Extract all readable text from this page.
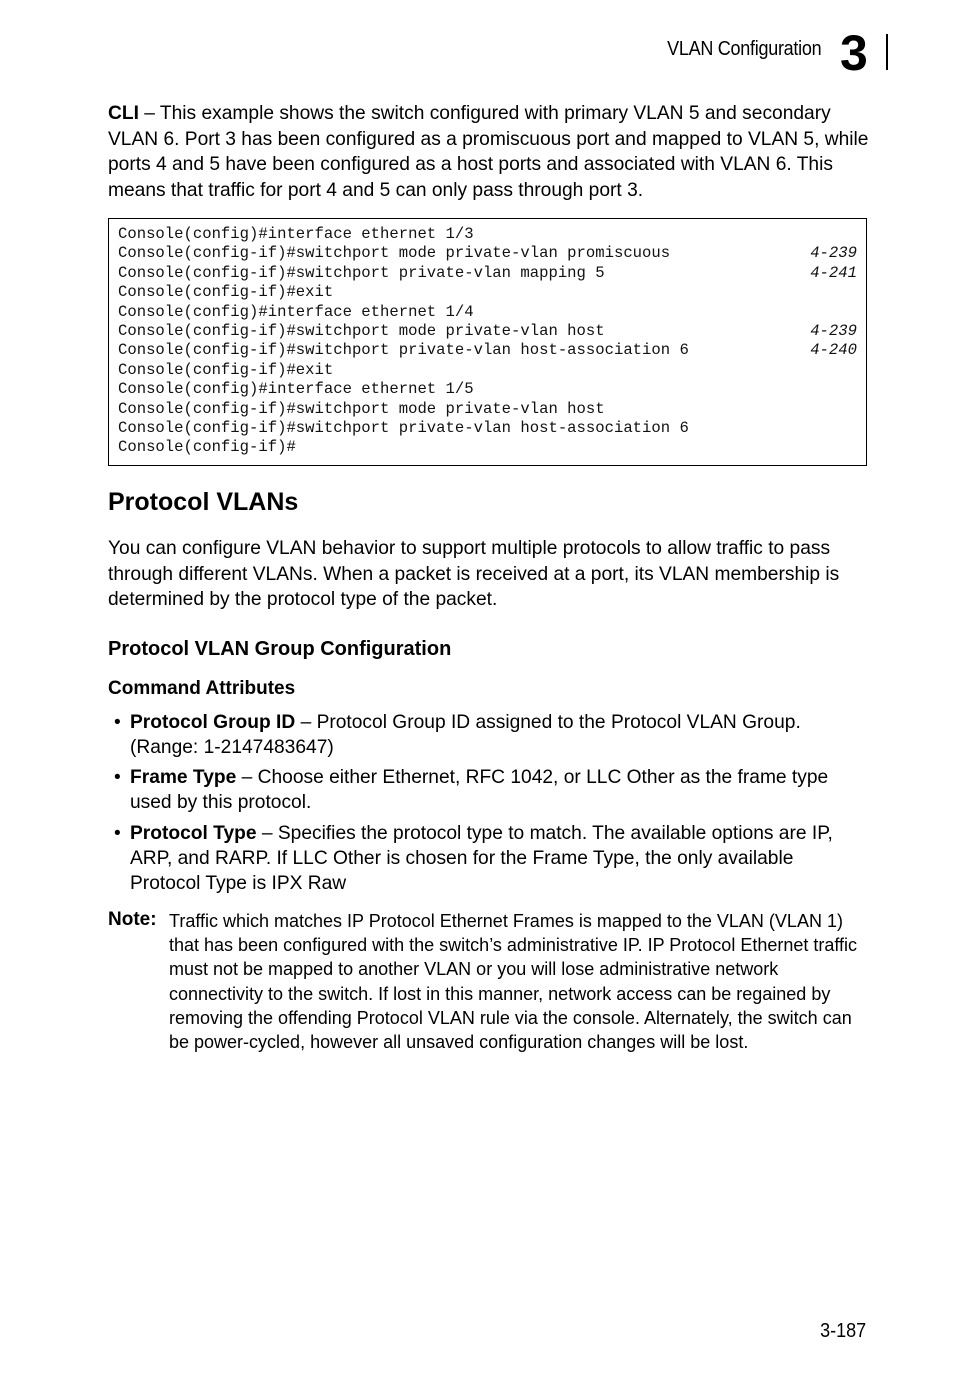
VLAN Configuration 3

CLI – This example shows the switch configured with primary VLAN 5 and secondary VLAN 6. Port 3 has been configured as a promiscuous port and mapped to VLAN 5, while ports 4 and 5 have been configured as a host ports and associated with VLAN 6. This means that traffic for port 4 and 5 can only pass through port 3.

Console(config)#interface ethernet 1/3
Console(config-if)#switchport mode private-vlan promiscuous	4-239
Console(config-if)#switchport private-vlan mapping 5	4-241
Console(config-if)#exit
Console(config)#interface ethernet 1/4
Console(config-if)#switchport mode private-vlan host	4-239
Console(config-if)#switchport private-vlan host-association 6	4-240
Console(config-if)#exit
Console(config)#interface ethernet 1/5
Console(config-if)#switchport mode private-vlan host
Console(config-if)#switchport private-vlan host-association 6
Console(config-if)#
Protocol VLANs

You can configure VLAN behavior to support multiple protocols to allow traffic to pass through different VLANs. When a packet is received at a port, its VLAN membership is determined by the protocol type of the packet.

Protocol VLAN Group Configuration
Command Attributes
• Protocol Group ID – Protocol Group ID assigned to the Protocol VLAN Group. (Range: 1-2147483647)
• Frame Type – Choose either Ethernet, RFC 1042, or LLC Other as the frame type used by this protocol.
• Protocol Type – Specifies the protocol type to match. The available options are IP, ARP, and RARP. If LLC Other is chosen for the Frame Type, the only available Protocol Type is IPX Raw
Note: Traffic which matches IP Protocol Ethernet Frames is mapped to the VLAN (VLAN 1) that has been configured with the switch’s administrative IP. IP Protocol Ethernet traffic must not be mapped to another VLAN or you will lose administrative network connectivity to the switch. If lost in this manner, network access can be regained by removing the offending Protocol VLAN rule via the console. Alternately, the switch can be power-cycled, however all unsaved configuration changes will be lost.
3-187
